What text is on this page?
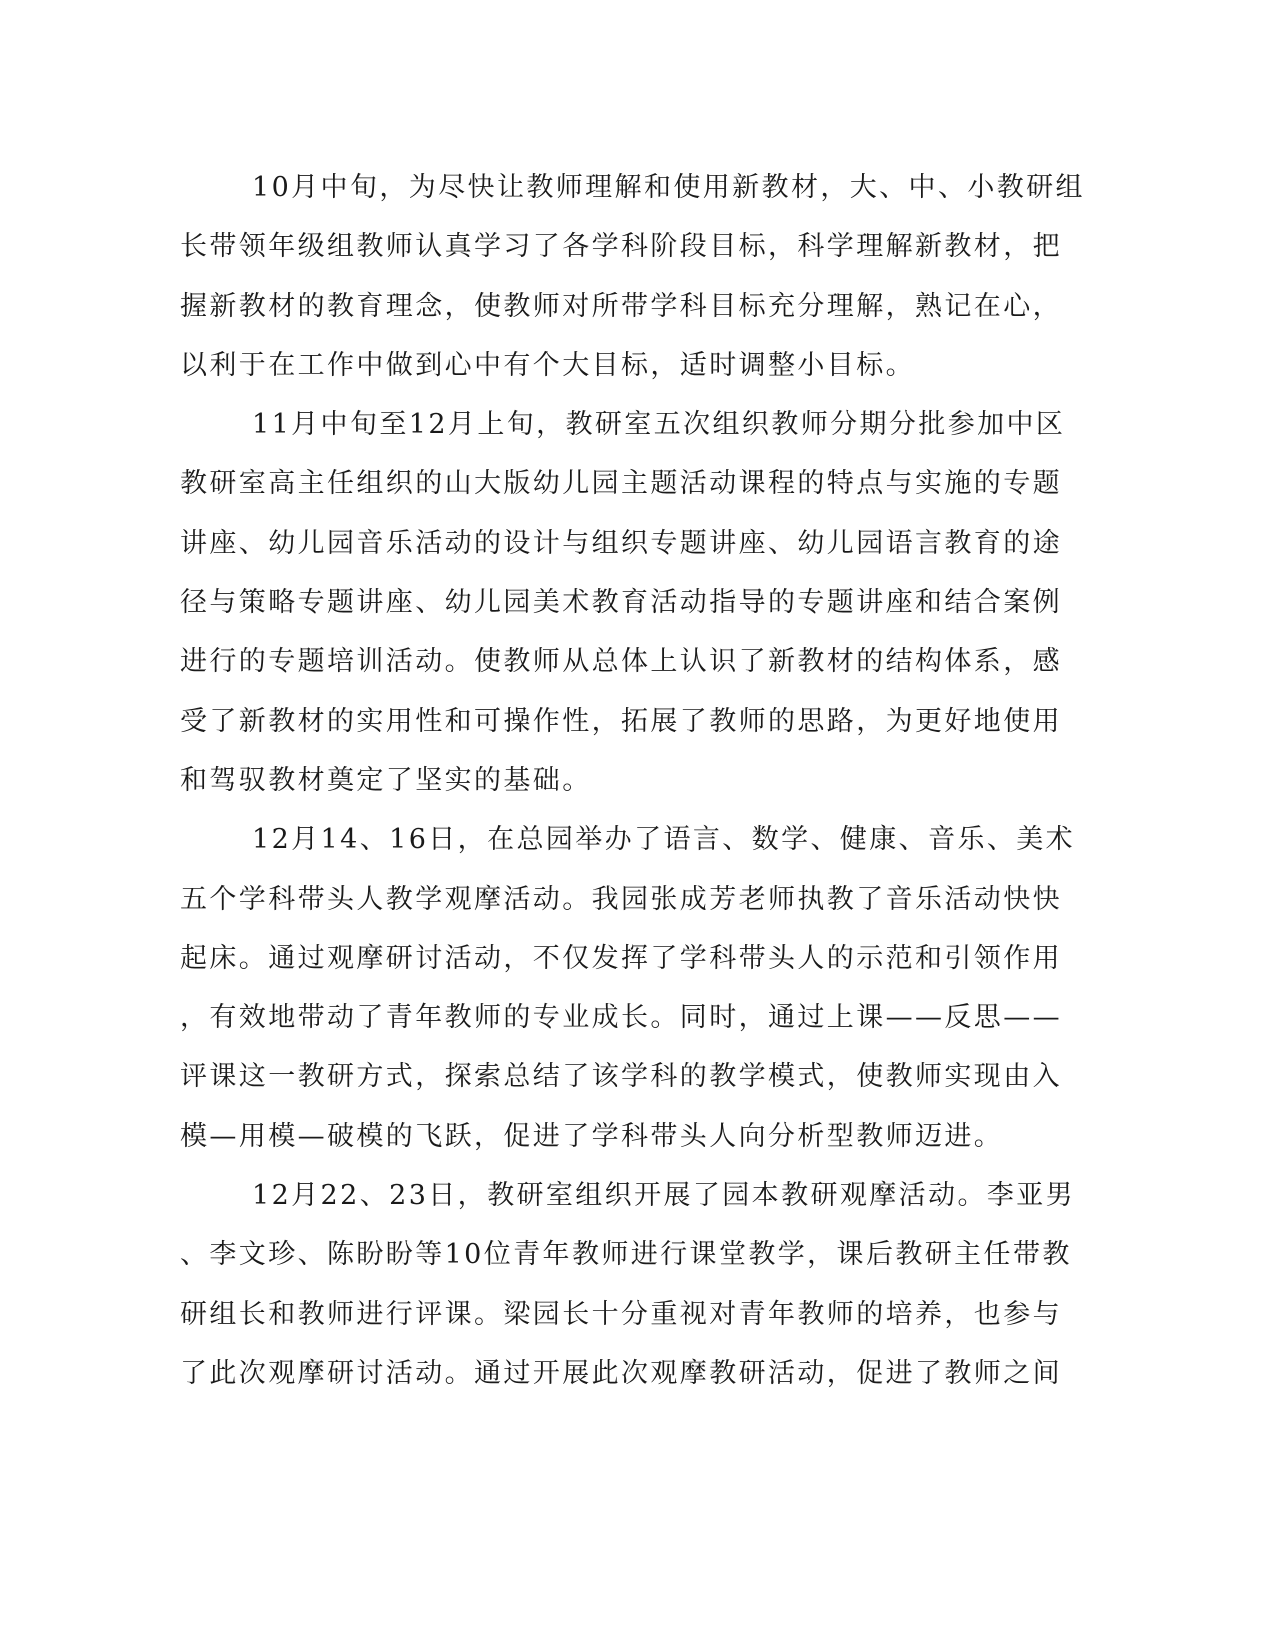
10月中旬，为尽快让教师理解和使用新教材，大、中、小教研组
长带领年级组教师认真学习了各学科阶段目标，科学理解新教材，把
握新教材的教育理念，使教师对所带学科目标充分理解，熟记在心，
以利于在工作中做到心中有个大目标，适时调整小目标。
11月中旬至12月上旬，教研室五次组织教师分期分批参加中区
教研室高主任组织的山大版幼儿园主题活动课程的特点与实施的专题
讲座、幼儿园音乐活动的设计与组织专题讲座、幼儿园语言教育的途
径与策略专题讲座、幼儿园美术教育活动指导的专题讲座和结合案例
进行的专题培训活动。使教师从总体上认识了新教材的结构体系，感
受了新教材的实用性和可操作性，拓展了教师的思路，为更好地使用
和驾驭教材奠定了坚实的基础。
12月14、16日，在总园举办了语言、数学、健康、音乐、美术
五个学科带头人教学观摩活动。我园张成芳老师执教了音乐活动快快
起床。通过观摩研讨活动，不仅发挥了学科带头人的示范和引领作用
，有效地带动了青年教师的专业成长。同时，通过上课——反思——
评课这一教研方式，探索总结了该学科的教学模式，使教师实现由入
模—用模—破模的飞跃，促进了学科带头人向分析型教师迈进。
12月22、23日，教研室组织开展了园本教研观摩活动。李亚男
、李文珍、陈盼盼等10位青年教师进行课堂教学，课后教研主任带教
研组长和教师进行评课。梁园长十分重视对青年教师的培养，也参与
了此次观摩研讨活动。通过开展此次观摩教研活动，促进了教师之间
